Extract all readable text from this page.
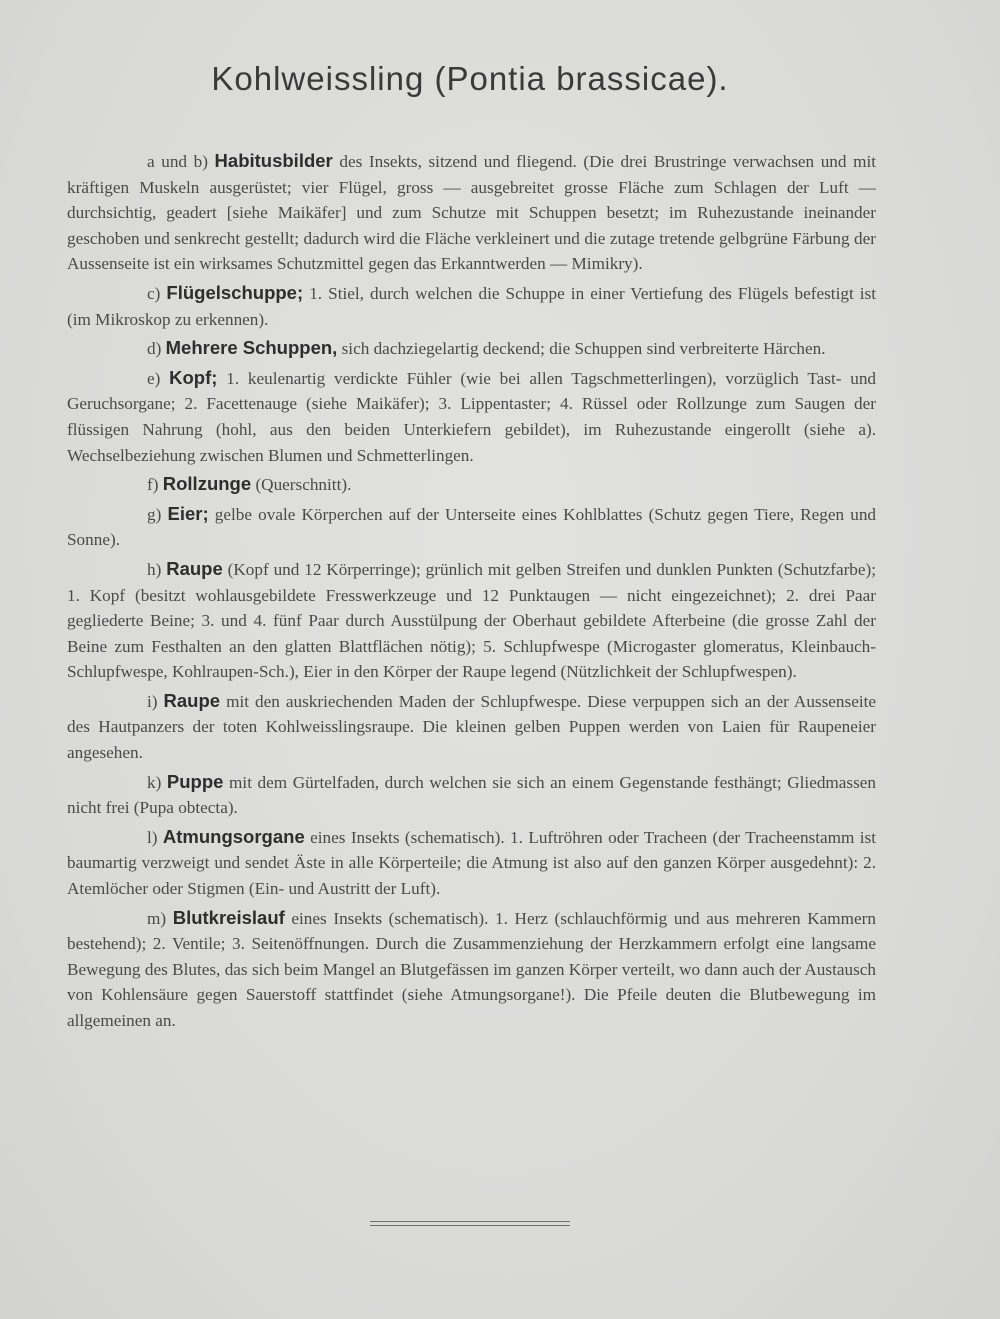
Kohlweissling (Pontia brassicae).

a und b) Habitusbilder des Insekts, sitzend und fliegend. (Die drei Brustringe verwachsen und mit kräftigen Muskeln ausgerüstet; vier Flügel, gross — ausgebreitet grosse Fläche zum Schlagen der Luft — durchsichtig, geadert [siehe Maikäfer] und zum Schutze mit Schuppen besetzt; im Ruhezustande ineinander geschoben und senkrecht gestellt; dadurch wird die Fläche verkleinert und die zutage tretende gelbgrüne Färbung der Aussenseite ist ein wirksames Schutzmittel gegen das Erkanntwerden — Mimikry).

c) Flügelschuppe; 1. Stiel, durch welchen die Schuppe in einer Vertiefung des Flügels befestigt ist (im Mikroskop zu erkennen).

d) Mehrere Schuppen, sich dachziegelartig deckend; die Schuppen sind verbreiterte Härchen.

e) Kopf; 1. keulenartig verdickte Fühler (wie bei allen Tagschmetterlingen), vorzüglich Tast- und Geruchsorgane; 2. Facettenauge (siehe Maikäfer); 3. Lippentaster; 4. Rüssel oder Rollzunge zum Saugen der flüssigen Nahrung (hohl, aus den beiden Unterkiefern gebildet), im Ruhezustande eingerollt (siehe a). Wechselbeziehung zwischen Blumen und Schmetterlingen.

f) Rollzunge (Querschnitt).

g) Eier; gelbe ovale Körperchen auf der Unterseite eines Kohlblattes (Schutz gegen Tiere, Regen und Sonne).

h) Raupe (Kopf und 12 Körperringe); grünlich mit gelben Streifen und dunklen Punkten (Schutzfarbe); 1. Kopf (besitzt wohlausgebildete Fresswerkzeuge und 12 Punktaugen — nicht eingezeichnet); 2. drei Paar gegliederte Beine; 3. und 4. fünf Paar durch Ausstülpung der Oberhaut gebildete Afterbeine (die grosse Zahl der Beine zum Festhalten an den glatten Blattflächen nötig); 5. Schlupfwespe (Microgaster glomeratus, Kleinbauch-Schlupfwespe, Kohlraupen-Sch.), Eier in den Körper der Raupe legend (Nützlichkeit der Schlupfwespen).

i) Raupe mit den auskriechenden Maden der Schlupfwespe. Diese verpuppen sich an der Aussenseite des Hautpanzers der toten Kohlweisslingsraupe. Die kleinen gelben Puppen werden von Laien für Raupeneier angesehen.

k) Puppe mit dem Gürtelfaden, durch welchen sie sich an einem Gegenstande festhängt; Gliedmassen nicht frei (Pupa obtecta).

l) Atmungsorgane eines Insekts (schematisch). 1. Luftröhren oder Tracheen (der Tracheenstamm ist baumartig verzweigt und sendet Äste in alle Körperteile; die Atmung ist also auf den ganzen Körper ausgedehnt): 2. Atemlöcher oder Stigmen (Ein- und Austritt der Luft).

m) Blutkreislauf eines Insekts (schematisch). 1. Herz (schlauchförmig und aus mehreren Kammern bestehend); 2. Ventile; 3. Seitenöffnungen. Durch die Zusammenziehung der Herzkammern erfolgt eine langsame Bewegung des Blutes, das sich beim Mangel an Blutgefässen im ganzen Körper verteilt, wo dann auch der Austausch von Kohlensäure gegen Sauerstoff stattfindet (siehe Atmungsorgane!). Die Pfeile deuten die Blutbewegung im allgemeinen an.
